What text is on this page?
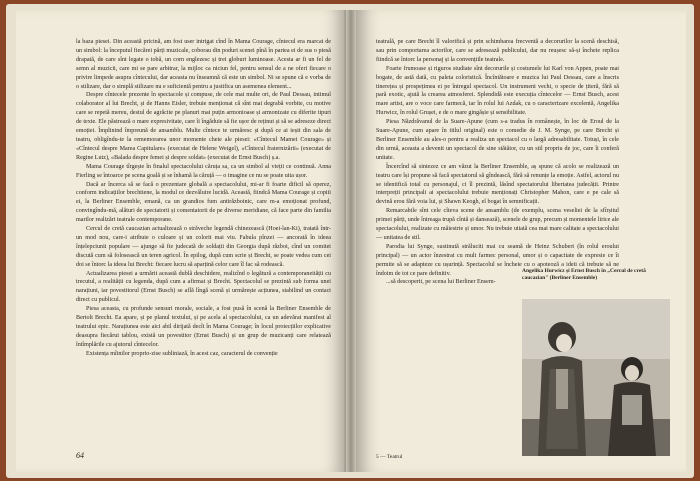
la baza piesei. Din această pricină, am fost user intrigat cînd în Mama Courage, cîntecul era marcat de un simbol: la începutul fiecărei părți muzicale, coborau din poduri scenei pînă în partea ei de sus o piesă drapată, de care sînt legate o tobă, un corn englezesc și trei globuri luminoase. Acesta ar fi un fel de semn al muzicii, care mi se pare arbitrar, la mijloc ca niciun fel, pentru sensul de a ne oferi fiecare o privire limpede asupra cîntecului, dar aceasta nu înseamnă că este un simbol. Ni se spune că e vorba de o stilizare, dar o simplă stilizare nu e suficientă pentru a justifica un asemenea element...

Despre cîntecele prezente în spectacole și compuse, de cele mai multe ori, de Paul Dessau, intimul colaborator al lui Brecht, și de Hanns Eisler, trebuie menționat că sînt mai degrabă vorbite, cu motive care se repetă mereu, destul de agrăcite pe planuri mai puțin armonioase și armonizate cu diferite tipuri de texte. Ele păstrează o mare expresivitate, care îi îngăduie să fie ușor de reținut și să se adreseze direct emoției. Împlinind împreună de ansamblu. Multe cîntece te urmăresc și după ce ai ieșit din sala de teatru, obligîndu-te la rememorarea unor momente cheie ale piesei: «Cîntecul Mamei Courage» și «Cîntecul despre Marea Capitulare» (executat de Helene Weigel), «Cîntecul fraternizării» (executat de Regine Lutz), «Balada despre femei și despre soldat» (executat de Ernst Busch) ș.a.

Mama Courage tîrgește în finalul spectacolului căruța sa, ca un simbol al vieții ce continuă. Anna Fierling se întoarce pe scena goală și se înhamă la căruță — o imagine ce nu se poate uita ușor.

Dacă ar încerca să se facă o prezentare globală a spectacolului, mi-ar fi foarte dificil să operez, conform indicațiilor brechtiene, la modul ce dezvăluire lucidă. Această, fiindcă Mama Courage și copiii ei, la Berliner Ensemble, emană, ca un grandios fum antirăzboinic, care m-a emoționat profund, convingîndu-mă, alături de spectatorii și comentatorii de pe diverse meridiane, că face parte din familia marilor realizări teatrale contemporane.

Cercul de cretă caucazian actualizează o străveche legendă chinezească (Hoei-lan-Ki), tratată într-un mod nou, care-i atribuie o culoare și un colorit mai viu. Fabula pînzei — ancorată în ideea înțelepciunii populare — ajunge să fie judecată de soldații din Georgia după război, cînd un comitet discută cum să folosească un teren agricol. În epilog, după cum scrie și Brecht, se poate vedea cum cei doi se întorc la ideea lui Brecht: fiecare lucru să aparțină celor care îl fac să rodească.

Actualizarea piesei a urmărit această dublă deschidere, realizînd o legătură a contemporaneității cu trecutul, a realității cu legenda, după cum a afirmat și Brecht. Spectacolul se prezintă sub forma unei narațiuni, iar povestitorul (Ernst Busch) se află lîngă scenă și urmărește acțiunea, stabilind un contact direct cu publicul.

Piesa aceasta, cu profunde sensuri morale, sociale, a fost pusă în scenă la Berliner Ensemble de Bertolt Brecht. Ea apare, și pe planul textului, și pe acela al spectacolului, ca un adevărat manifest al teatrului epic. Narațiunea este aici abil dirijată decît în Mama Courage; în locul proiecțiilor explicative deasupra fiecărui tablou, există un povestitor (Ernst Busch) și un grup de muzicanți care relatează întîmplările cu ajutorul cîntecelor.

Existența mîinilor proprio-zise subliniază, în acest caz, caracterul de convenție

64

teatrală, pe care Brecht îl valorifică și prin schimbarea frecventă a decorurilor la scenă deschisă, sau prin comportarea actorilor, care se adresează publicului, dar nu reușesc să-și încheie replica fiindcă se întorc la personaj și la convențiile teatrale.

Foarte frumoase și riguros studiate sînt decorurile și costumele lui Karl von Appen, poate mai bogate, de astă dată, cu paleta coloristică. Încîntătoare e muzica lui Paul Dessau, care a înscris tinerețea și prospețimea ei pe întregul spectacol. Un instrument vechi, o specie de țiteră, fără să pară exotic, ajută la crearea atmosferei. Splendidă este execuția cîntecelor — Ernst Busch, acest mare artist, are o voce care farmecă, iar în rolul lui Azdak, cu o caracterizare excelentă, Angelika Hurwicz, în rolul Grușei, e de o mare gingășie și sensibilitate.

Piesa Năzdrăvanul de la Suare-Apune (cum s-a tradus în românește, în loc de Eroul de la Suare-Apune, cum apare în titlul original) este o comedie de J. M. Synge, pe care Brecht și Berliner Ensemble au ales-o pentru a realiza un spectacol cu o largă adresabilitate. Totuși, în cele din urmă, aceasta a devenit un spectacol de sine stătător, cu un stil propriu de joc, care îi conferă unitate.

Încercînd să sintezez ce am văzut la Berliner Ensemble, aș spune că acolo se realizează un teatru care își propune să facă spectatorul să gîndească, fără să renunțe la emoție. Astfel, actorul nu se identifică total cu personajul, ci îl prezintă, lăsînd spectatorului libertatea judecății. Printre interpreții principali ai spectacolului trebuie menționați Christopher Mahon, care e pe cale să devină erou fără voia lui, și Shawn Keogh, el bogat în semnificații.

Remarcabile sînt cele cîteva scene de ansamblu (de exemplu, scena veseliei de la sfîrșitul primei părți, unde întreaga trupă cîntă și dansează), scenele de grup, precum și momentele lirice ale spectacolului, realizate cu măiestrie și umor. Nu trebuie uitată cea mai mare calitate a spectacolului — unitatea de stil.

Parodia lui Synge, sustinută străluciti mai cu seamă de Heinz Schubert (în rolul eroului principal) — un actor înzestrat cu mult farmec personal, umor și o capacitate de expresie ce îi permite să se adapteze cu ușurință. Spectacolul se încheie cu o apoteoză a ideii că trebuie să ne îndoim de tot ce pare definitiv.

...să descoperit, pe scena lui Berliner Ensem-

Angelika Hurwicz și Ernst Busch în „Cercul de cretă caucazian" (Berliner Ensemble)
5 — Teatrul
